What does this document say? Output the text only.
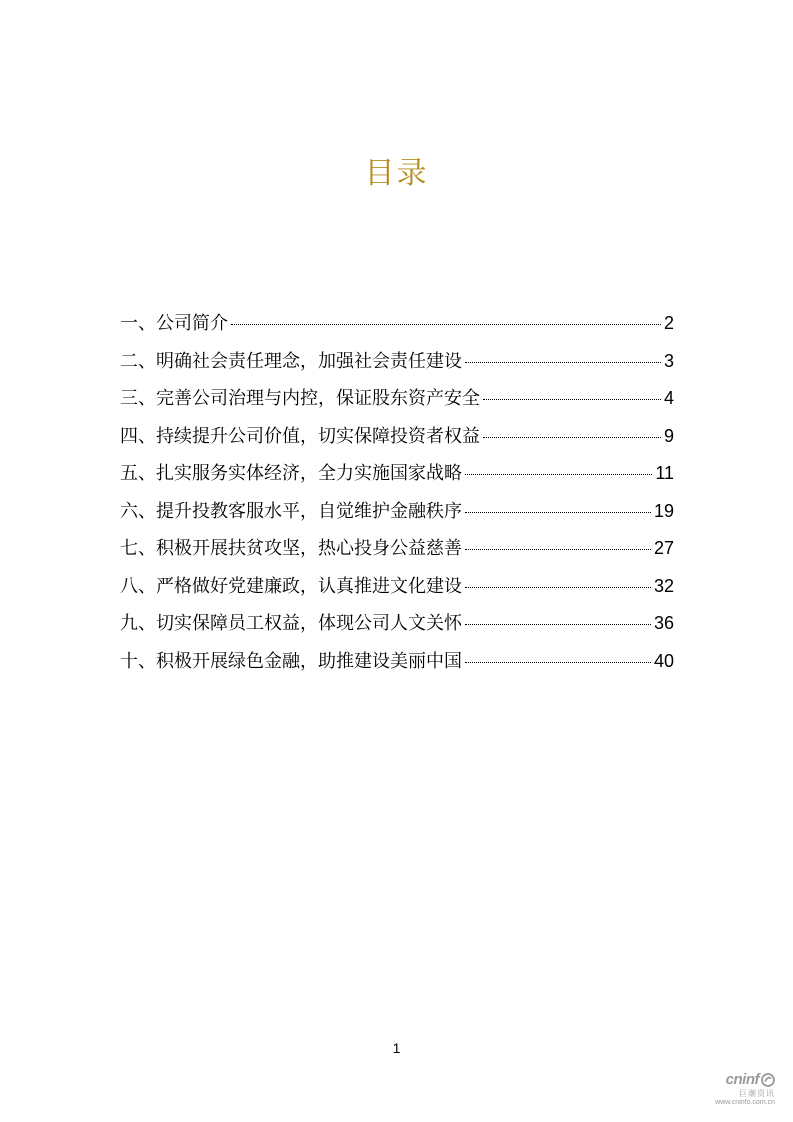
目录
一、公司简介	2
二、明确社会责任理念，加强社会责任建设	3
三、完善公司治理与内控，保证股东资产安全	4
四、持续提升公司价值，切实保障投资者权益	9
五、扎实服务实体经济，全力实施国家战略	11
六、提升投教客服水平，自觉维护金融秩序	19
七、积极开展扶贫攻坚，热心投身公益慈善	27
八、严格做好党建廉政，认真推进文化建设	32
九、切实保障员工权益，体现公司人文关怀	36
十、积极开展绿色金融，助推建设美丽中国	40
1
cninf
巨潮资讯
www.cninfo.com.cn
